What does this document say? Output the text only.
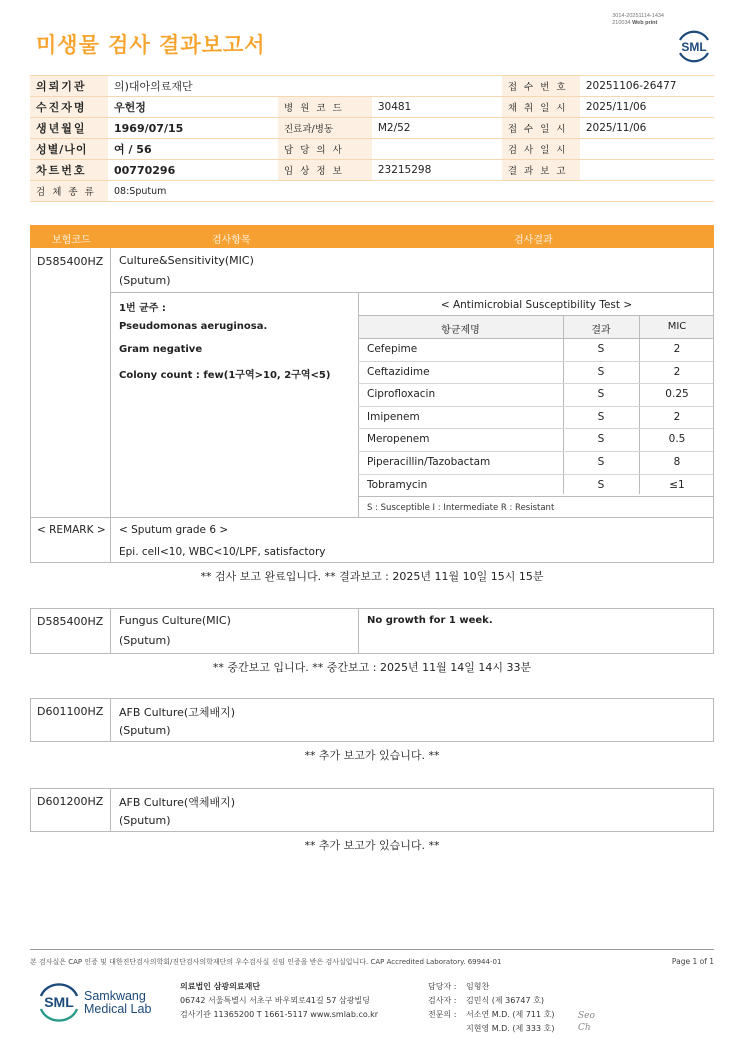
3014-20251114-1434
210034 Web print
미생물 검사 결과보고서	SML
의뢰기관	의)대아의료재단			접 수 번 호	20251106-26477
수진자명	우헌정	병 원 코 드	30481	채 취 일 시	2025/11/06
생년월일	1969/07/15	진료과/병동	M2/52	접 수 일 시	2025/11/06
성별/나이	여 / 56	담 당 의 사		검 사 일 시	
차트번호	00770296	임 상 정 보	23215298	결 과 보 고	
검 체 종 류	08:Sputum				
보험코드	검사항목	검사결과
D585400HZ Culture&Sensitivity(MIC)
(Sputum)
1번 균주 :
Pseudomonas aeruginosa.
Gram negative
Colony count : few(1구역>10, 2구역<5)
< Antimicrobial Susceptibility Test >
항균제명	결과	MIC
Cefepime	S	2
Ceftazidime	S	2
Ciprofloxacin	S	0.25
Imipenem	S	2
Meropenem	S	0.5
Piperacillin/Tazobactam	S	8
Tobramycin	S	≤1
S : Susceptible I : Intermediate R : Resistant
< REMARK > < Sputum grade 6 >
Epi. cell<10, WBC<10/LPF, satisfactory
** 검사 보고 완료입니다. ** 결과보고 : 2025년 11월 10일 15시 15분
D585400HZ Fungus Culture(MIC)
(Sputum)
No growth for 1 week.
** 중간보고 입니다. ** 중간보고 : 2025년 11월 14일 14시 33분
D601100HZ AFB Culture(고체배지)
(Sputum)
** 추가 보고가 있습니다. **
D601200HZ AFB Culture(액체배지)
(Sputum)
** 추가 보고가 있습니다. **
본 검사실은 CAP 인증 및 대한진단검사의학회/진단검사의학재단의 우수검사실 신임 인증을 받은 검사실입니다. CAP Accredited Laboratory. 69944-01	Page 1 of 1
SML Samkwang
Medical Lab
의료법인 삼광의료재단
06742 서울특별시 서초구 바우뫼로41길 57 삼광빌딩
검사기관 11365200 T 1661-5117 www.smlab.co.kr
담당자 : 임형찬
검사자 : 김민식 (제 36747 호)
전문의 : 서소연 M.D. (제 711 호)
지현영 M.D. (제 333 호)
Seo Ch
